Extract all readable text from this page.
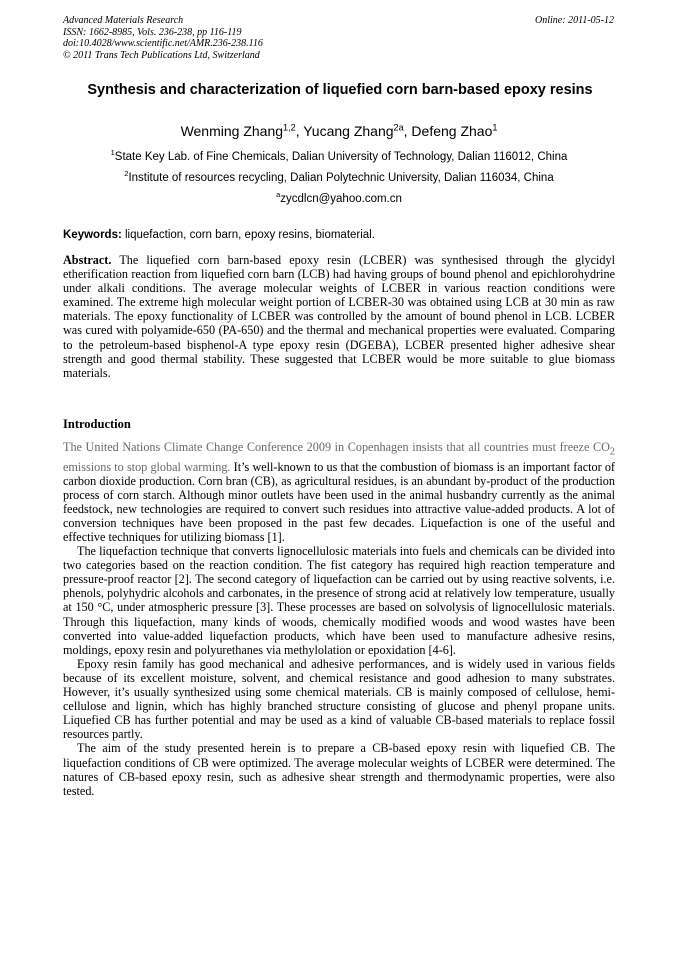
Advanced Materials Research
ISSN: 1662-8985, Vols. 236-238, pp 116-119
doi:10.4028/www.scientific.net/AMR.236-238.116
© 2011 Trans Tech Publications Ltd, Switzerland
Online: 2011-05-12
Synthesis and characterization of liquefied corn barn-based epoxy resins
Wenming Zhang$^{1,2}$, Yucang Zhang$^{2a}$, Defeng Zhao$^1$
$^1$State Key Lab. of Fine Chemicals, Dalian University of Technology, Dalian 116012, China
$^2$Institute of resources recycling, Dalian Polytechnic University, Dalian 116034, China
$^a$zycdlcn@yahoo.com.cn
Keywords: liquefaction, corn barn, epoxy resins, biomaterial.
Abstract. The liquefied corn barn-based epoxy resin (LCBER) was synthesised through the glycidyl etherification reaction from liquefied corn barn (LCB) had having groups of bound phenol and epichlorohydrine under alkali conditions. The average molecular weights of LCBER in various reaction conditions were examined. The extreme high molecular weight portion of LCBER-30 was obtained using LCB at 30 min as raw materials. The epoxy functionality of LCBER was controlled by the amount of bound phenol in LCB. LCBER was cured with polyamide-650 (PA-650) and the thermal and mechanical properties were evaluated. Comparing to the petroleum-based bisphenol-A type epoxy resin (DGEBA), LCBER presented higher adhesive shear strength and good thermal stability. These suggested that LCBER would be more suitable to glue biomass materials.
Introduction

The United Nations Climate Change Conference 2009 in Copenhagen insists that all countries must freeze $CO_2$ emissions to stop global warming. It’s well-known to us that the combustion of biomass is an important factor of carbon dioxide production. Corn bran (CB), as agricultural residues, is an abundant by-product of the production process of corn starch. Although minor outlets have been used in the animal husbandry currently as the animal feedstock, new technologies are required to convert such residues into attractive value-added products. A lot of conversion techniques have been proposed in the past few decades. Liquefaction is one of the useful and effective techniques for utilizing biomass [1].

The liquefaction technique that converts lignocellulosic materials into fuels and chemicals can be divided into two categories based on the reaction condition. The fist category has required high reaction temperature and pressure-proof reactor [2]. The second category of liquefaction can be carried out by using reactive solvents, i.e. phenols, polyhydric alcohols and carbonates, in the presence of strong acid at relatively low temperature, usually at 150 °C, under atmospheric pressure [3]. These processes are based on solvolysis of lignocellulosic materials. Through this liquefaction, many kinds of woods, chemically modified woods and wood wastes have been converted into value-added liquefaction products, which have been used to manufacture adhesive resins, moldings, epoxy resin and polyurethanes via methylolation or epoxidation [4-6].

Epoxy resin family has good mechanical and adhesive performances, and is widely used in various fields because of its excellent moisture, solvent, and chemical resistance and good adhesion to many substrates. However, it’s usually synthesized using some chemical materials. CB is mainly composed of cellulose, hemi-cellulose and lignin, which has highly branched structure consisting of glucose and phenyl propane units. Liquefied CB has further potential and may be used as a kind of valuable CB-based materials to replace fossil resources partly.

The aim of the study presented herein is to prepare a CB-based epoxy resin with liquefied CB. The liquefaction conditions of CB were optimized. The average molecular weights of LCBER were determined. The natures of CB-based epoxy resin, such as adhesive shear strength and thermodynamic properties, were also tested.
